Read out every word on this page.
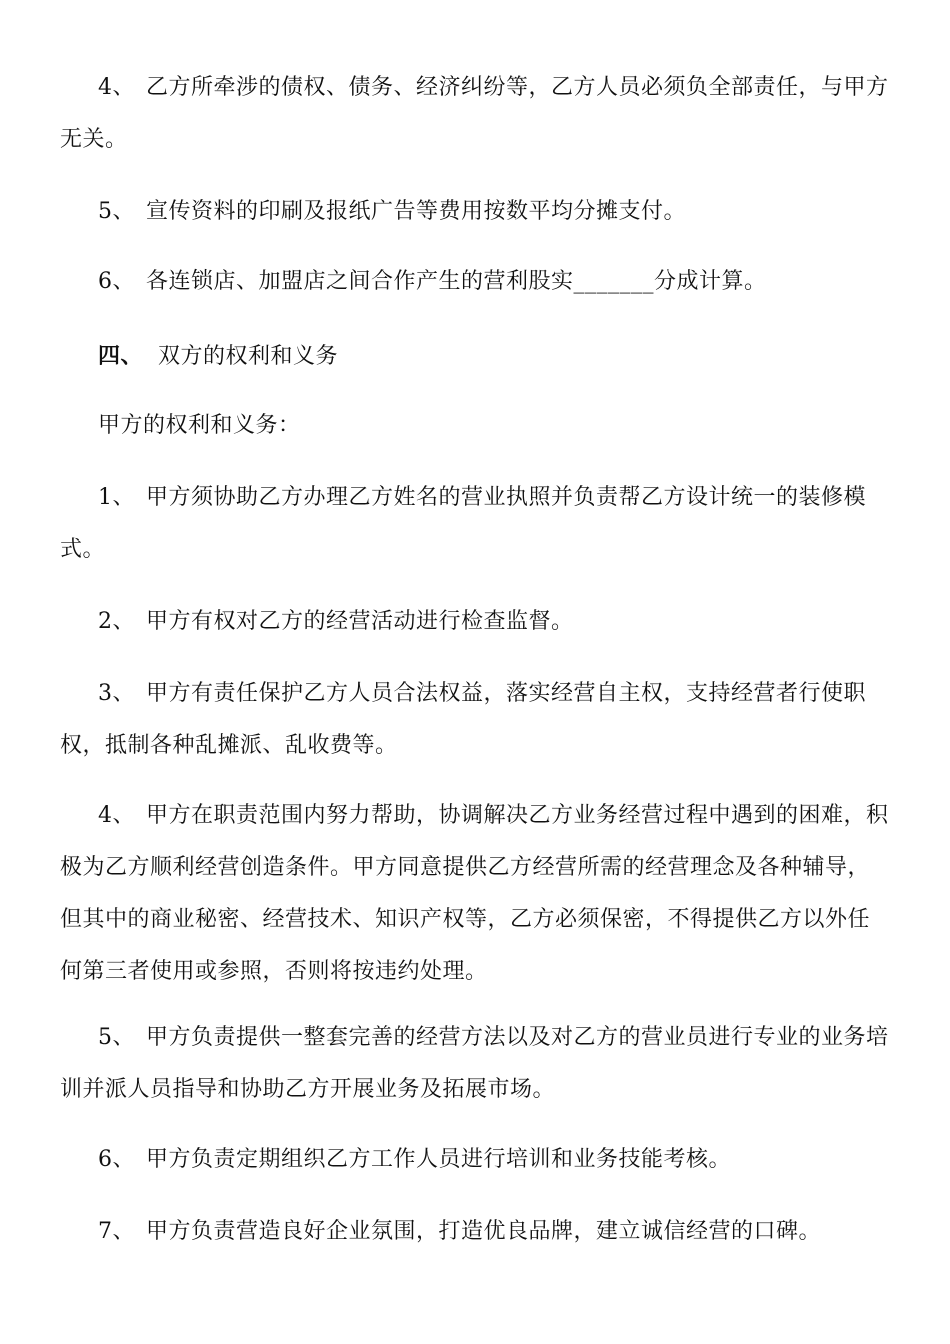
4、 乙方所牵涉的债权、债务、经济纠纷等，乙方人员必须负全部责任，与甲方无关。

5、 宣传资料的印刷及报纸广告等费用按数平均分摊支付。

6、 各连锁店、加盟店之间合作产生的营利股实_______分成计算。

四、 双方的权利和义务

甲方的权利和义务：

1、 甲方须协助乙方办理乙方姓名的营业执照并负责帮乙方设计统一的装修模式。

2、 甲方有权对乙方的经营活动进行检查监督。

3、 甲方有责任保护乙方人员合法权益，落实经营自主权，支持经营者行使职权，抵制各种乱摊派、乱收费等。

4、 甲方在职责范围内努力帮助，协调解决乙方业务经营过程中遇到的困难，积极为乙方顺利经营创造条件。甲方同意提供乙方经营所需的经营理念及各种辅导，但其中的商业秘密、经营技术、知识产权等，乙方必须保密，不得提供乙方以外任何第三者使用或参照，否则将按违约处理。

5、 甲方负责提供一整套完善的经营方法以及对乙方的营业员进行专业的业务培训并派人员指导和协助乙方开展业务及拓展市场。

6、 甲方负责定期组织乙方工作人员进行培训和业务技能考核。

7、 甲方负责营造良好企业氛围，打造优良品牌，建立诚信经营的口碑。
